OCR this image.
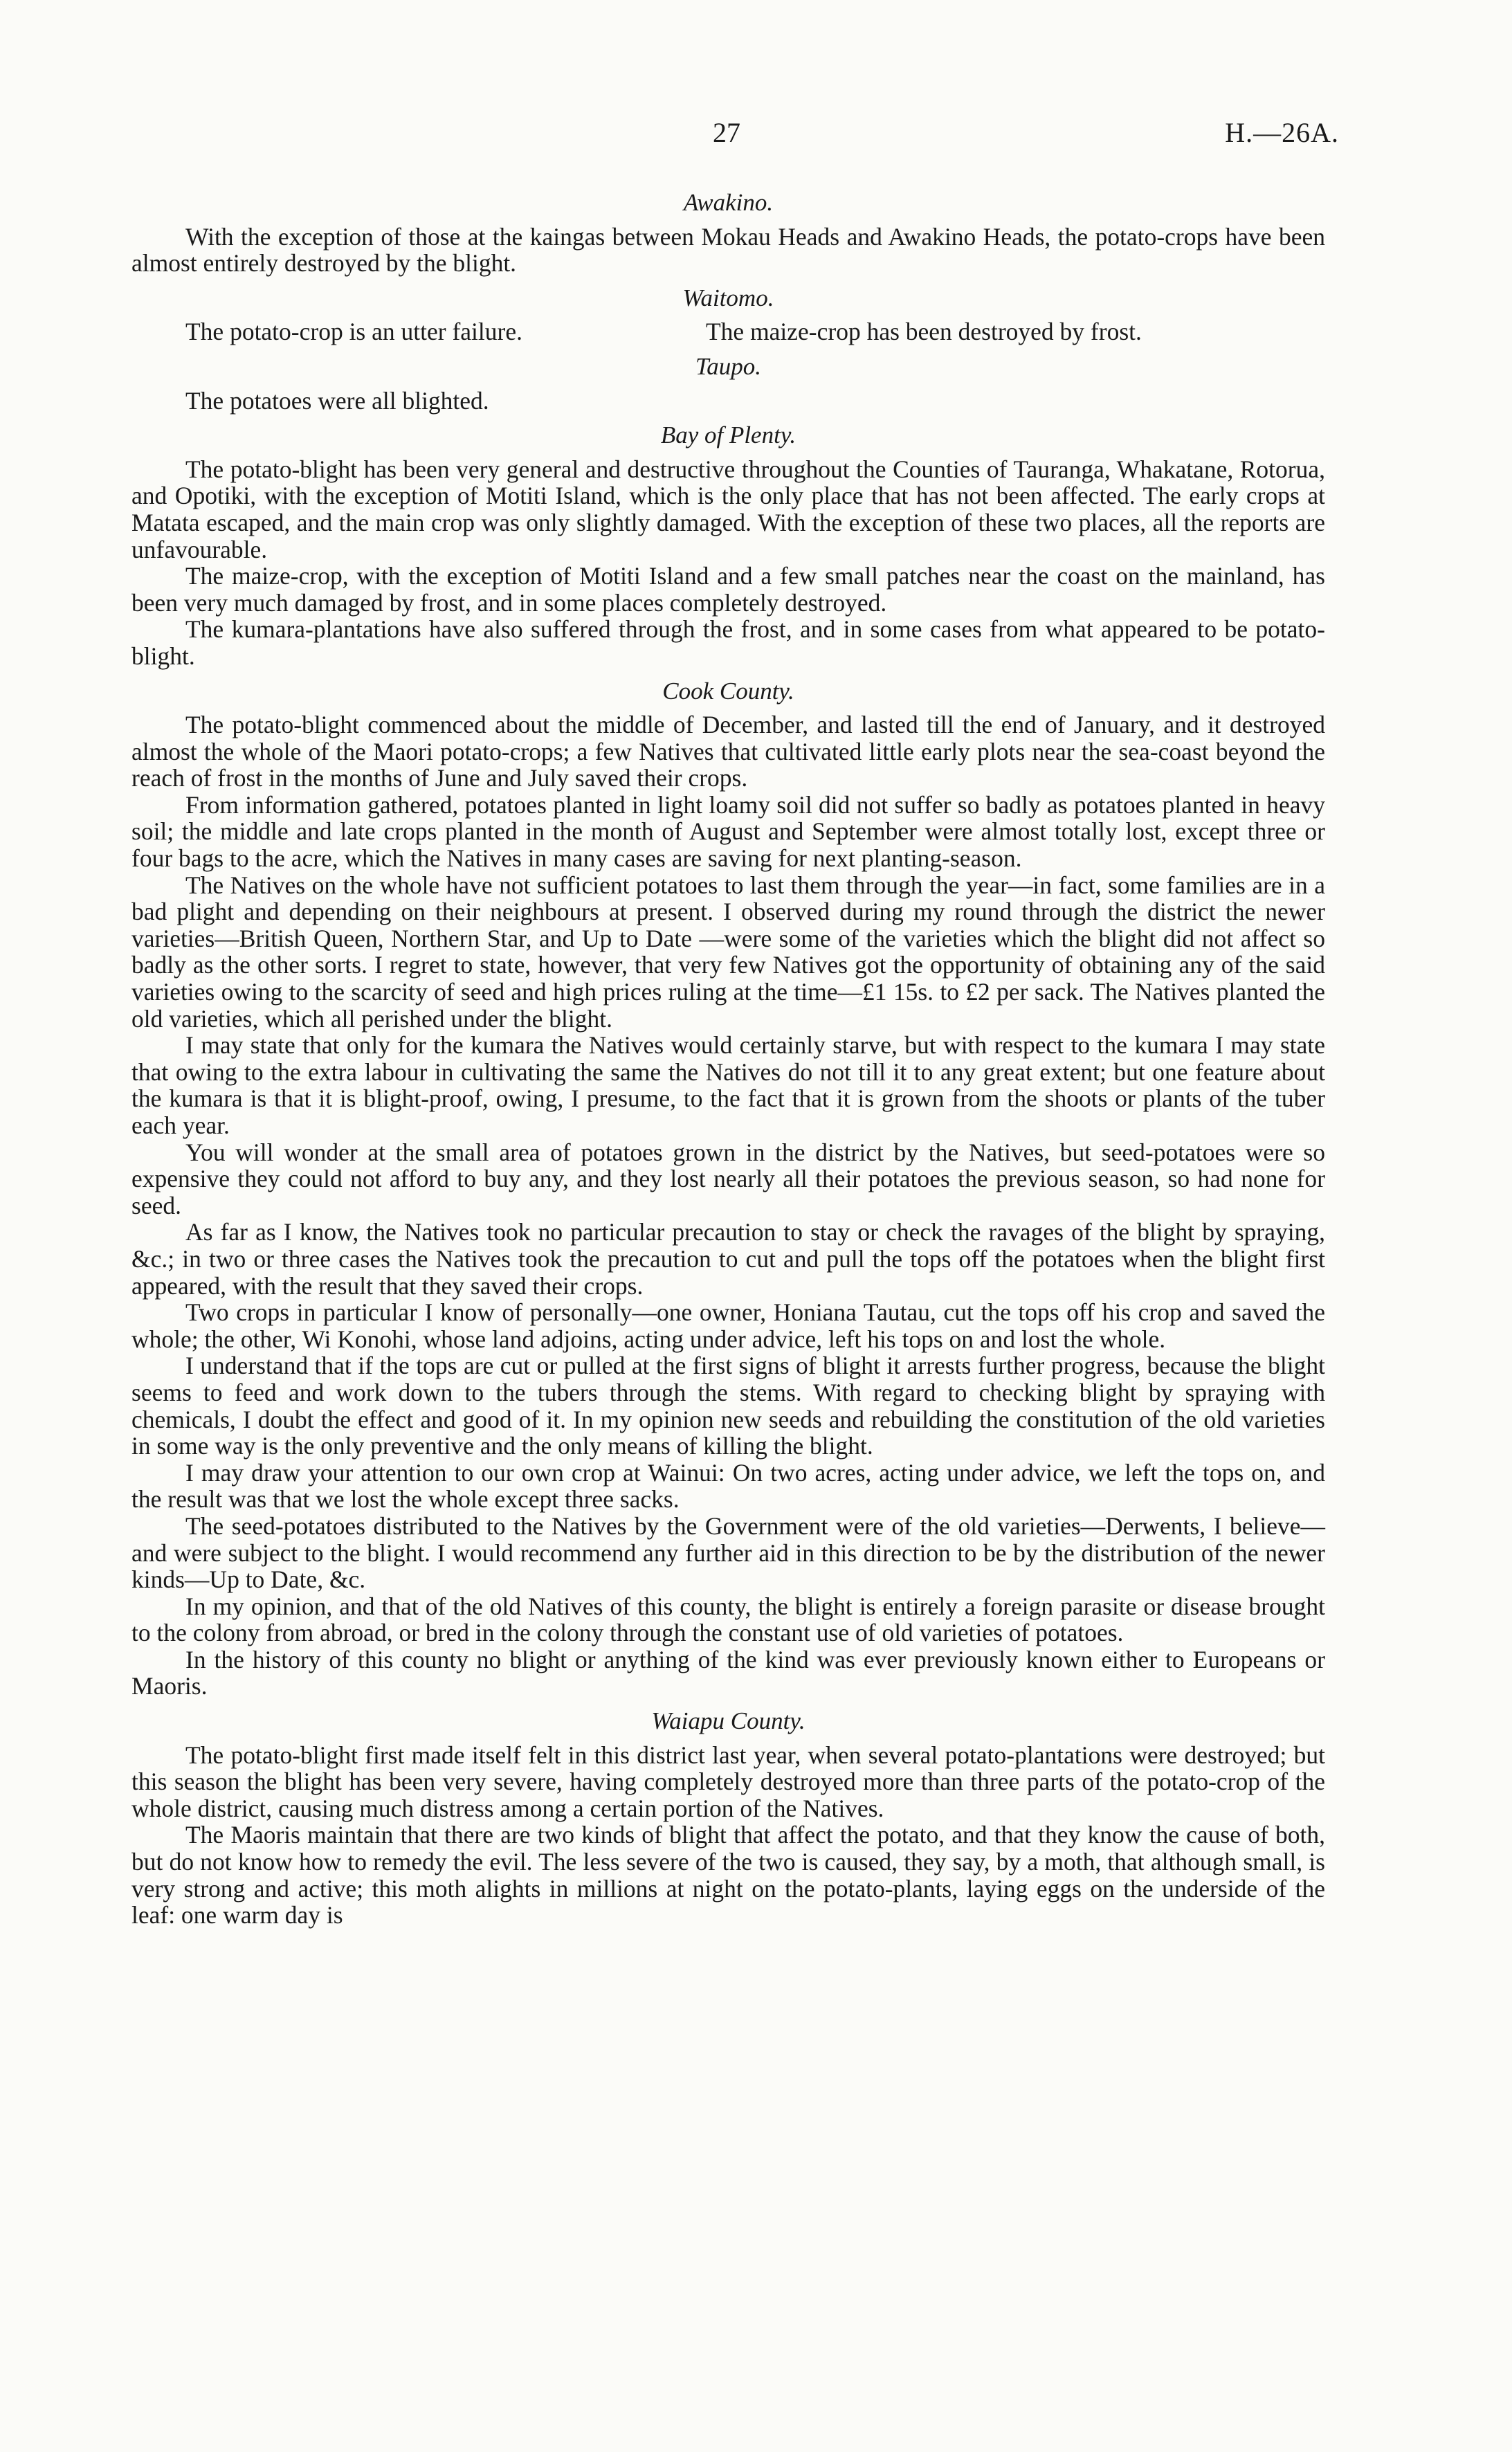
27	H.—26A.
Awakino.

With the exception of those at the kaingas between Mokau Heads and Awakino Heads, the potato-crops have been almost entirely destroyed by the blight.

Waitomo.
The potato-crop is an utter failure.	The maize-crop has been destroyed by frost.
Taupo.

The potatoes were all blighted.

Bay of Plenty.

The potato-blight has been very general and destructive throughout the Counties of Tauranga, Whakatane, Rotorua, and Opotiki, with the exception of Motiti Island, which is the only place that has not been affected. The early crops at Matata escaped, and the main crop was only slightly damaged. With the exception of these two places, all the reports are unfavourable.

The maize-crop, with the exception of Motiti Island and a few small patches near the coast on the mainland, has been very much damaged by frost, and in some places completely destroyed.

The kumara-plantations have also suffered through the frost, and in some cases from what appeared to be potato-blight.

Cook County.

The potato-blight commenced about the middle of December, and lasted till the end of January, and it destroyed almost the whole of the Maori potato-crops; a few Natives that cultivated little early plots near the sea-coast beyond the reach of frost in the months of June and July saved their crops.

From information gathered, potatoes planted in light loamy soil did not suffer so badly as potatoes planted in heavy soil; the middle and late crops planted in the month of August and September were almost totally lost, except three or four bags to the acre, which the Natives in many cases are saving for next planting-season.

The Natives on the whole have not sufficient potatoes to last them through the year—in fact, some families are in a bad plight and depending on their neighbours at present. I observed during my round through the district the newer varieties—British Queen, Northern Star, and Up to Date —were some of the varieties which the blight did not affect so badly as the other sorts. I regret to state, however, that very few Natives got the opportunity of obtaining any of the said varieties owing to the scarcity of seed and high prices ruling at the time—£1 15s. to £2 per sack. The Natives planted the old varieties, which all perished under the blight.

I may state that only for the kumara the Natives would certainly starve, but with respect to the kumara I may state that owing to the extra labour in cultivating the same the Natives do not till it to any great extent; but one feature about the kumara is that it is blight-proof, owing, I presume, to the fact that it is grown from the shoots or plants of the tuber each year.

You will wonder at the small area of potatoes grown in the district by the Natives, but seed-potatoes were so expensive they could not afford to buy any, and they lost nearly all their potatoes the previous season, so had none for seed.

As far as I know, the Natives took no particular precaution to stay or check the ravages of the blight by spraying, &c.; in two or three cases the Natives took the precaution to cut and pull the tops off the potatoes when the blight first appeared, with the result that they saved their crops.

Two crops in particular I know of personally—one owner, Honiana Tautau, cut the tops off his crop and saved the whole; the other, Wi Konohi, whose land adjoins, acting under advice, left his tops on and lost the whole.

I understand that if the tops are cut or pulled at the first signs of blight it arrests further progress, because the blight seems to feed and work down to the tubers through the stems. With regard to checking blight by spraying with chemicals, I doubt the effect and good of it. In my opinion new seeds and rebuilding the constitution of the old varieties in some way is the only preventive and the only means of killing the blight.

I may draw your attention to our own crop at Wainui: On two acres, acting under advice, we left the tops on, and the result was that we lost the whole except three sacks.

The seed-potatoes distributed to the Natives by the Government were of the old varieties—Derwents, I believe—and were subject to the blight. I would recommend any further aid in this direction to be by the distribution of the newer kinds—Up to Date, &c.

In my opinion, and that of the old Natives of this county, the blight is entirely a foreign parasite or disease brought to the colony from abroad, or bred in the colony through the constant use of old varieties of potatoes.

In the history of this county no blight or anything of the kind was ever previously known either to Europeans or Maoris.

Waiapu County.

The potato-blight first made itself felt in this district last year, when several potato-plantations were destroyed; but this season the blight has been very severe, having completely destroyed more than three parts of the potato-crop of the whole district, causing much distress among a certain portion of the Natives.

The Maoris maintain that there are two kinds of blight that affect the potato, and that they know the cause of both, but do not know how to remedy the evil. The less severe of the two is caused, they say, by a moth, that although small, is very strong and active; this moth alights in millions at night on the potato-plants, laying eggs on the underside of the leaf: one warm day is
